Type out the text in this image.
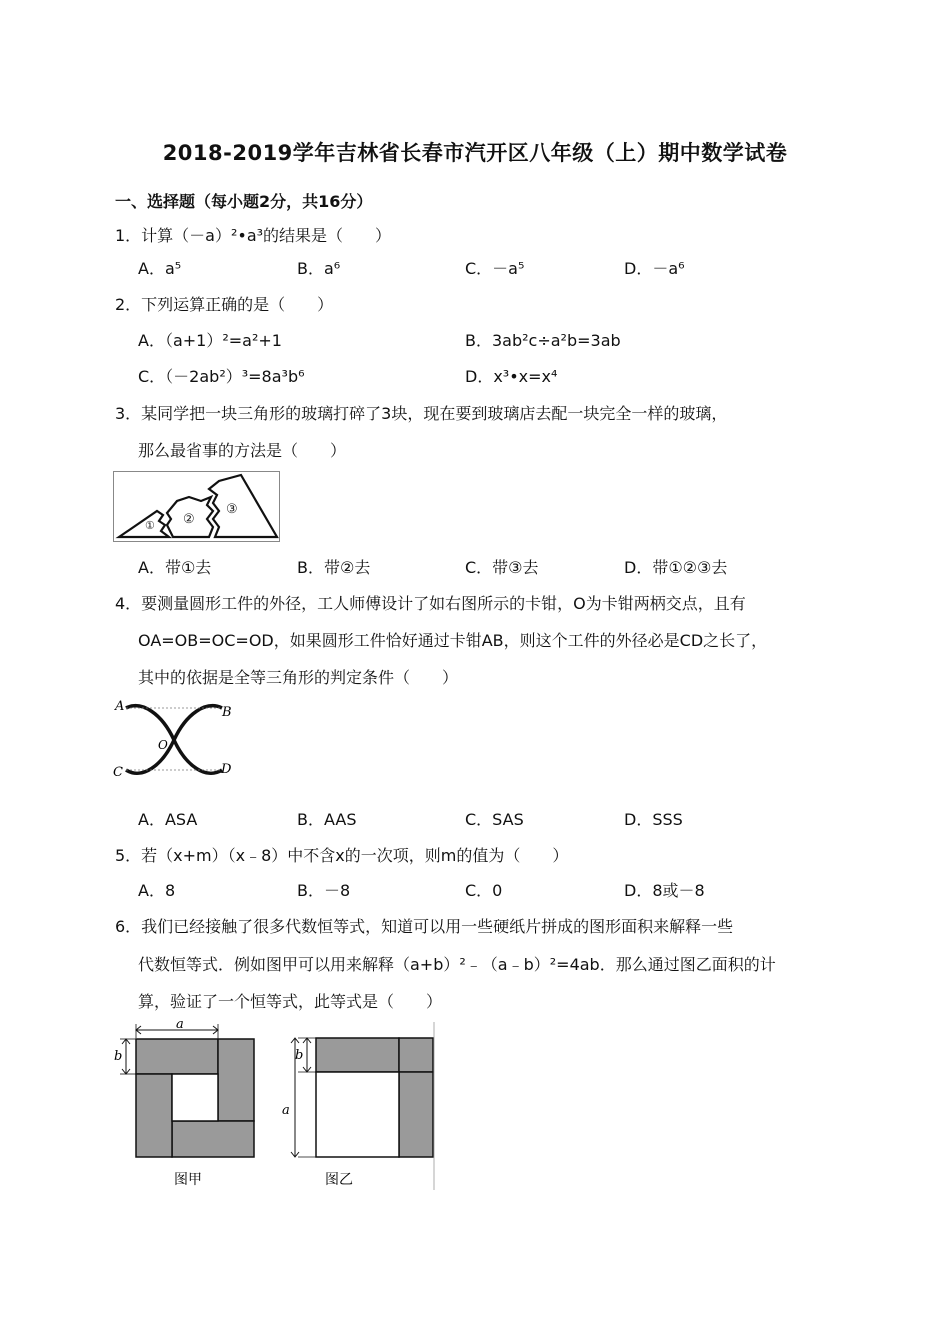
2018-2019学年吉林省长春市汽开区八年级（上）期中数学试卷
一、选择题（每小题2分，共16分）
1．计算（－a）²•a³的结果是（　　）
A．a⁵	B．a⁶	C．－a⁵	D．－a⁶
2．下列运算正确的是（　　）
A．（a+1）²=a²+1	B．3ab²c÷a²b=3ab
C．（－2ab²）³=8a³b⁶	D．x³•x=x⁴
3．某同学把一块三角形的玻璃打碎了3块，现在要到玻璃店去配一块完全一样的玻璃，
那么最省事的方法是（　　）
① ②
③
A．带①去	B．带②去	C．带③去	D．带①②③去
4．要测量圆形工件的外径，工人师傅设计了如右图所示的卡钳，O为卡钳两柄交点，且有
OA=OB=OC=OD，如果圆形工件恰好通过卡钳AB，则这个工件的外径必是CD之长了，
其中的依据是全等三角形的判定条件（　　）
A	B
C	D
O
A．ASA	B．AAS	C．SAS	D．SSS
5．若（x+m）（x﹣8）中不含x的一次项，则m的值为（　　）
A．8	B．－8	C．0	D．8或－8
6．我们已经接触了很多代数恒等式，知道可以用一些硬纸片拼成的图形面积来解释一些
代数恒等式．例如图甲可以用来解释（a+b）²﹣（a﹣b）²=4ab．那么通过图乙面积的计
算，验证了一个恒等式，此等式是（　　）
a
b
图甲
b
a
图乙
